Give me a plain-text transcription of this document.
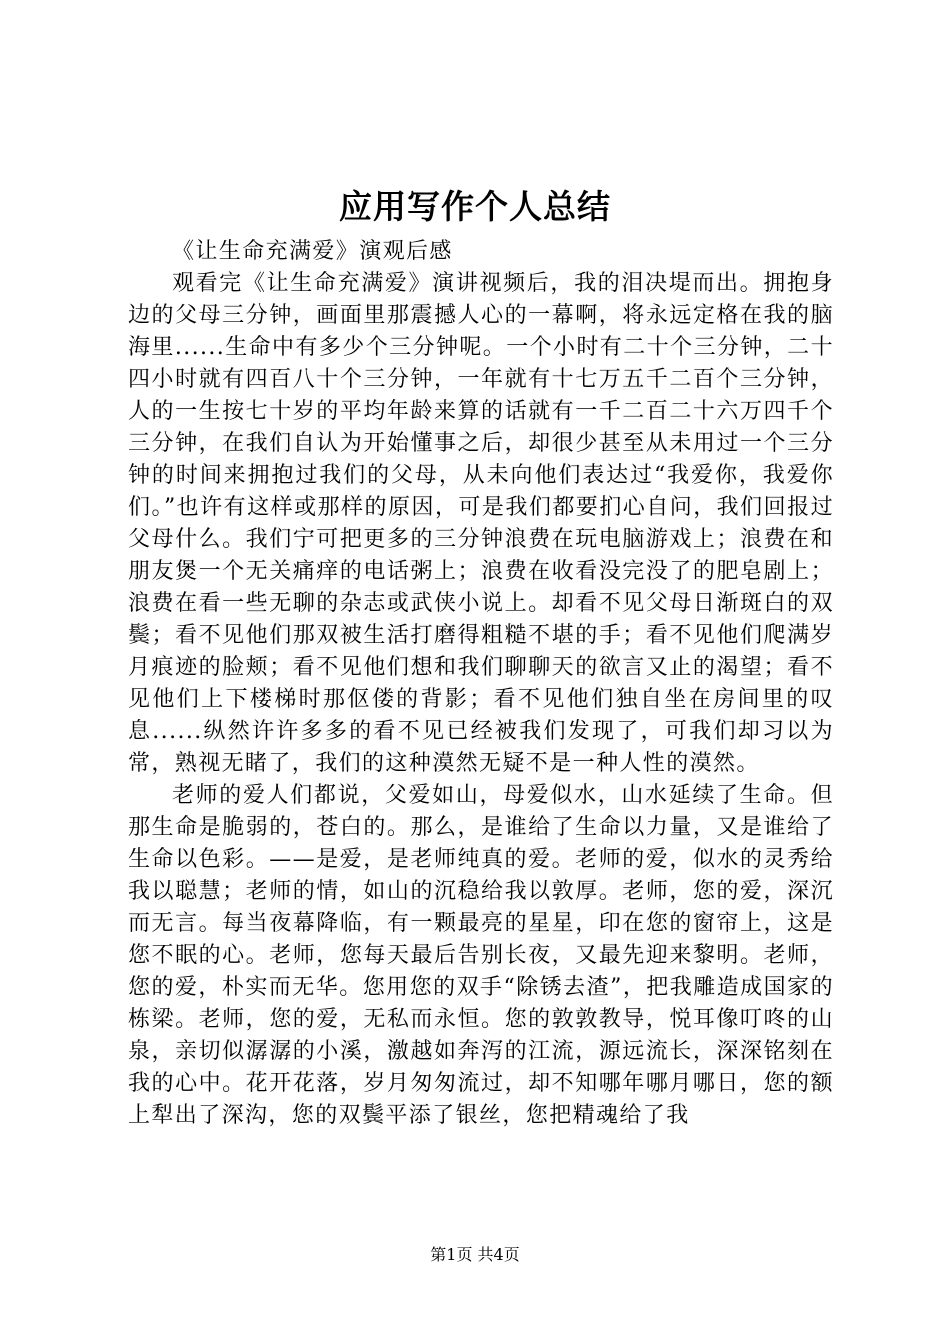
应用写作个人总结

《让生命充满爱》演观后感

观看完《让生命充满爱》演讲视频后，我的泪决堤而出。拥抱身边的父母三分钟，画面里那震撼人心的一幕啊，将永远定格在我的脑海里......生命中有多少个三分钟呢。一个小时有二十个三分钟，二十四小时就有四百八十个三分钟，一年就有十七万五千二百个三分钟，人的一生按七十岁的平均年龄来算的话就有一千二百二十六万四千个三分钟，在我们自认为开始懂事之后，却很少甚至从未用过一个三分钟的时间来拥抱过我们的父母，从未向他们表达过“我爱你，我爱你们。”也许有这样或那样的原因，可是我们都要扪心自问，我们回报过父母什么。我们宁可把更多的三分钟浪费在玩电脑游戏上；浪费在和朋友煲一个无关痛痒的电话粥上；浪费在收看没完没了的肥皂剧上；浪费在看一些无聊的杂志或武侠小说上。却看不见父母日渐斑白的双鬓；看不见他们那双被生活打磨得粗糙不堪的手；看不见他们爬满岁月痕迹的脸颊；看不见他们想和我们聊聊天的欲言又止的渴望；看不见他们上下楼梯时那伛偻的背影；看不见他们独自坐在房间里的叹息......纵然许许多多的看不见已经被我们发现了，可我们却习以为常，熟视无睹了，我们的这种漠然无疑不是一种人性的漠然。

老师的爱人们都说，父爱如山，母爱似水，山水延续了生命。但那生命是脆弱的，苍白的。那么，是谁给了生命以力量，又是谁给了生命以色彩。——是爱，是老师纯真的爱。老师的爱，似水的灵秀给我以聪慧；老师的情，如山的沉稳给我以敦厚。老师，您的爱，深沉而无言。每当夜幕降临，有一颗最亮的星星，印在您的窗帘上，这是您不眠的心。老师，您每天最后告别长夜，又最先迎来黎明。老师，您的爱，朴实而无华。您用您的双手“除锈去渣”，把我雕造成国家的栋梁。老师，您的爱，无私而永恒。您的敦敦教导，悦耳像叮咚的山泉，亲切似潺潺的小溪，激越如奔泻的江流，源远流长，深深铭刻在我的心中。花开花落，岁月匆匆流过，却不知哪年哪月哪日，您的额上犁出了深沟，您的双鬓平添了银丝，您把精魂给了我

第1页 共4页
